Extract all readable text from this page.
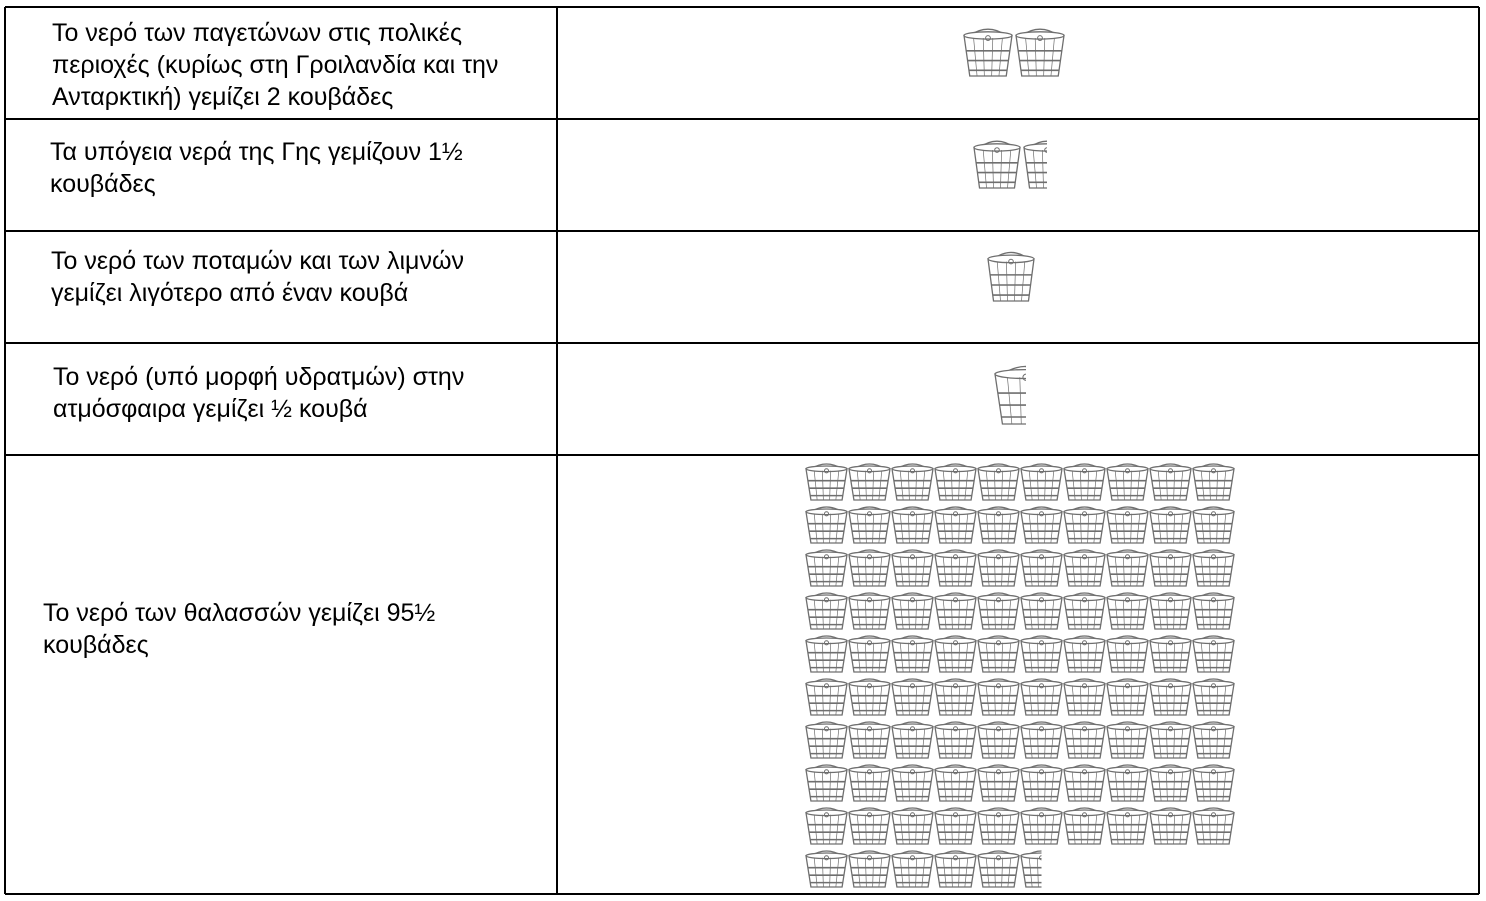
Το νερό των παγετώνων στις πολικές
περιοχές (κυρίως στη Γροιλανδία και την
Ανταρκτική) γεμίζει 2 κουβάδες
Τα υπόγεια νερά της Γης γεμίζουν 1½
κουβάδες
Το νερό των ποταμών και των λιμνών
γεμίζει λιγότερο από έναν κουβά
Το νερό (υπό μορφή υδρατμών) στην
ατμόσφαιρα γεμίζει ½ κουβά
Το νερό των θαλασσών γεμίζει 95½
κουβάδες
